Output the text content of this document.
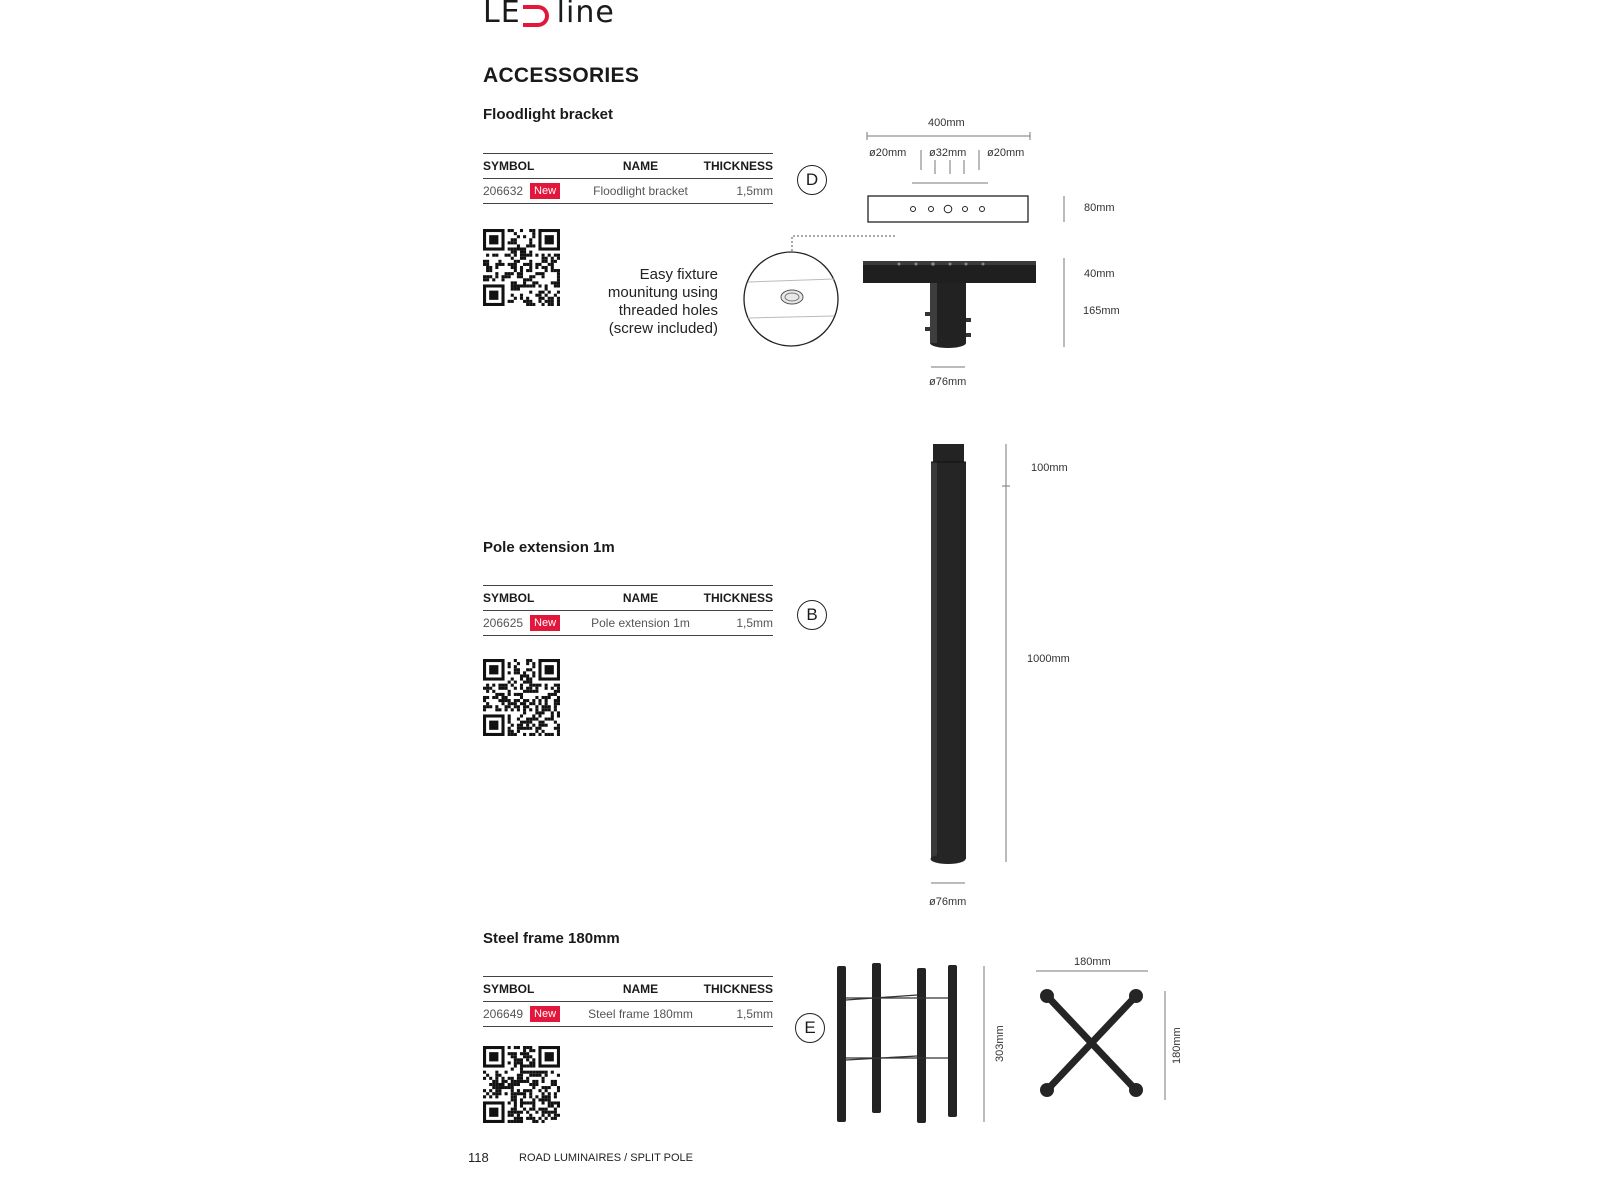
LE line
ACCESSORIES
Floodlight bracket
SYMBOL	NAME	THICKNESS
206632	New	Floodlight bracket	1,5mm
D
Easy fixture
mounitung using
threaded holes
(screw included)
400mm
ø20mm ø32mm ø20mm
80mm
40mm
165mm
ø76mm
Pole extension 1m
SYMBOL	NAME	THICKNESS
206625	New	Pole extension 1m	1,5mm	B
100mm
1000mm
ø76mm
Steel frame 180mm
SYMBOL	NAME	THICKNESS
206649	New	Steel frame 180mm	1,5mm
E	303mm
180mm
180mm
118	ROAD LUMINAIRES / SPLIT POLE
